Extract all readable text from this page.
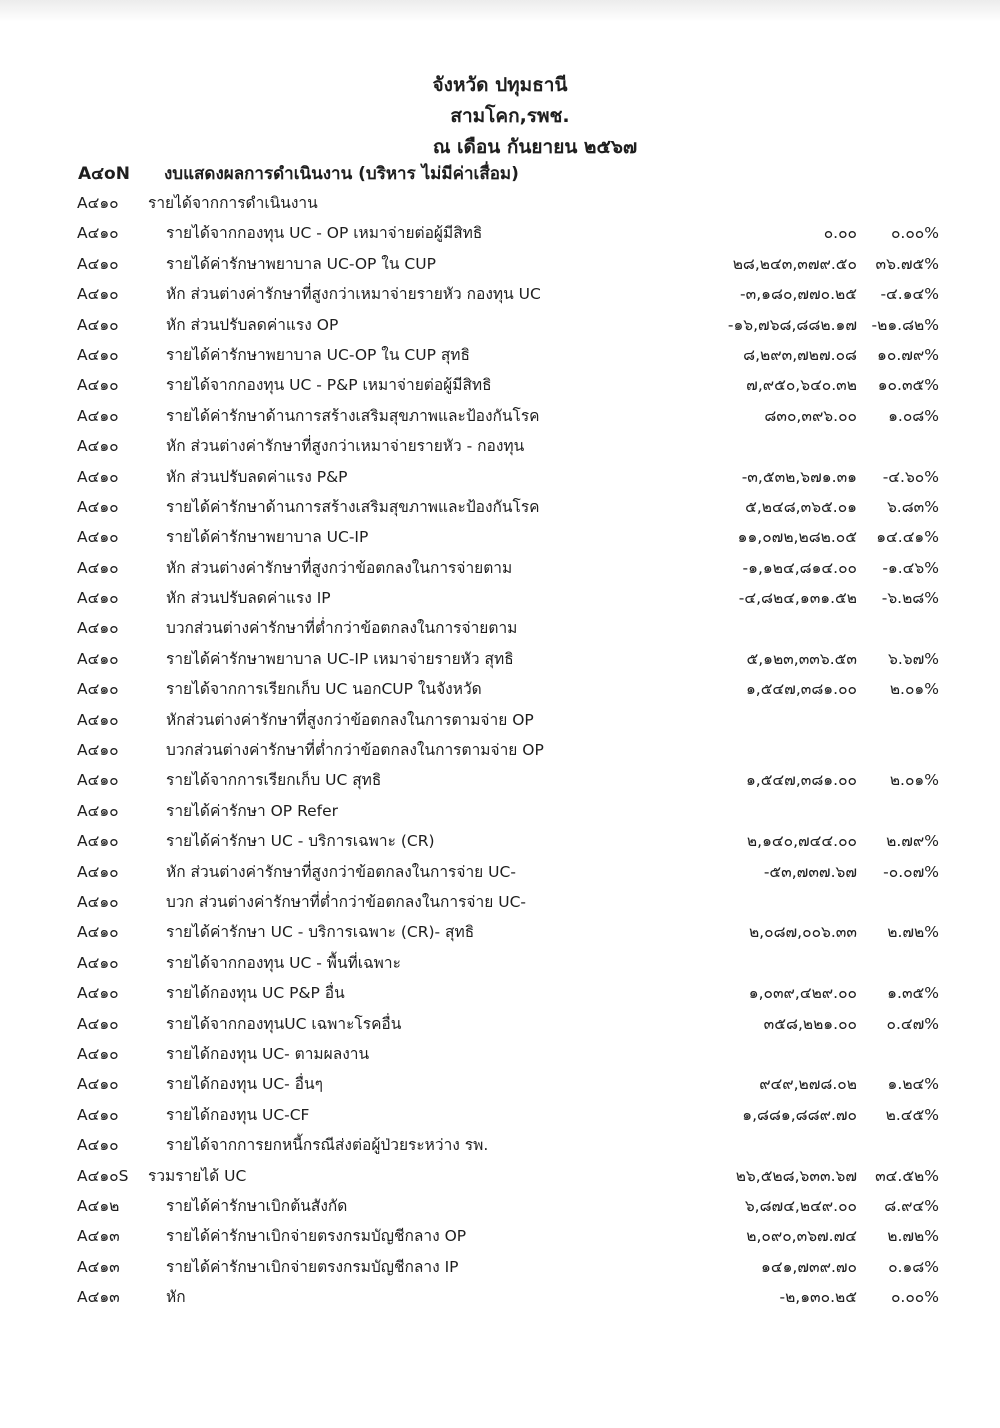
จังหวัด ปทุมธานี
สามโคก,รพช.
ณ เดือน กันยายน ๒๕๖๗
A๔oN งบแสดงผลการดำเนินงาน (บริหาร ไม่มีค่าเสื่อม)
A๔๑๐	รายได้จากการดำเนินงาน
A๔๑๐	รายได้จากกองทุน UC - OP เหมาจ่ายต่อผู้มีสิทธิ	๐.๐๐ ๐.๐๐%
A๔๑๐	รายได้ค่ารักษาพยาบาล UC-OP ใน CUP	๒๘,๒๔๓,๓๗๙.๕๐ ๓๖.๗๕%
A๔๑๐	หัก ส่วนต่างค่ารักษาที่สูงกว่าเหมาจ่ายรายหัว กองทุน UC	-๓,๑๘๐,๗๗๐.๒๕ -๔.๑๔%
A๔๑๐	หัก ส่วนปรับลดค่าแรง OP	-๑๖,๗๖๘,๘๘๒.๑๗ -๒๑.๘๒%
A๔๑๐	รายได้ค่ารักษาพยาบาล UC-OP ใน CUP สุทธิ	๘,๒๙๓,๗๒๗.๐๘ ๑๐.๗๙%
A๔๑๐	รายได้จากกองทุน UC - P&P เหมาจ่ายต่อผู้มีสิทธิ	๗,๙๕๐,๖๔๐.๓๒ ๑๐.๓๕%
A๔๑๐	รายได้ค่ารักษาด้านการสร้างเสริมสุขภาพและป้องกันโรค	๘๓๐,๓๙๖.๐๐ ๑.๐๘%
A๔๑๐	หัก ส่วนต่างค่ารักษาที่สูงกว่าเหมาจ่ายรายหัว - กองทุน
A๔๑๐	หัก ส่วนปรับลดค่าแรง P&P	-๓,๕๓๒,๖๗๑.๓๑ -๔.๖๐%
A๔๑๐	รายได้ค่ารักษาด้านการสร้างเสริมสุขภาพและป้องกันโรค	๕,๒๔๘,๓๖๕.๐๑ ๖.๘๓%
A๔๑๐	รายได้ค่ารักษาพยาบาล UC-IP	๑๑,๐๗๒,๒๘๒.๐๕ ๑๔.๔๑%
A๔๑๐	หัก ส่วนต่างค่ารักษาที่สูงกว่าข้อตกลงในการจ่ายตาม	-๑,๑๒๔,๘๑๔.๐๐ -๑.๔๖%
A๔๑๐	หัก ส่วนปรับลดค่าแรง IP	-๔,๘๒๔,๑๓๑.๕๒ -๖.๒๘%
A๔๑๐	บวกส่วนต่างค่ารักษาที่ต่ำกว่าข้อตกลงในการจ่ายตาม
A๔๑๐	รายได้ค่ารักษาพยาบาล UC-IP เหมาจ่ายรายหัว สุทธิ	๕,๑๒๓,๓๓๖.๕๓ ๖.๖๗%
A๔๑๐	รายได้จากการเรียกเก็บ UC นอกCUP ในจังหวัด	๑,๕๔๗,๓๘๑.๐๐ ๒.๐๑%
A๔๑๐	หักส่วนต่างค่ารักษาที่สูงกว่าข้อตกลงในการตามจ่าย OP
A๔๑๐	บวกส่วนต่างค่ารักษาที่ต่ำกว่าข้อตกลงในการตามจ่าย OP
A๔๑๐	รายได้จากการเรียกเก็บ UC สุทธิ	๑,๕๔๗,๓๘๑.๐๐ ๒.๐๑%
A๔๑๐	รายได้ค่ารักษา OP Refer
A๔๑๐	รายได้ค่ารักษา UC - บริการเฉพาะ (CR)	๒,๑๔๐,๗๔๔.๐๐ ๒.๗๙%
A๔๑๐	หัก ส่วนต่างค่ารักษาที่สูงกว่าข้อตกลงในการจ่าย UC-	-๕๓,๗๓๗.๖๗ -๐.๐๗%
A๔๑๐	บวก ส่วนต่างค่ารักษาที่ต่ำกว่าข้อตกลงในการจ่าย UC-
A๔๑๐	รายได้ค่ารักษา UC - บริการเฉพาะ (CR)- สุทธิ	๒,๐๘๗,๐๐๖.๓๓ ๒.๗๒%
A๔๑๐	รายได้จากกองทุน UC - พื้นที่เฉพาะ
A๔๑๐	รายได้กองทุน UC P&P อื่น	๑,๐๓๙,๔๒๙.๐๐ ๑.๓๕%
A๔๑๐	รายได้จากกองทุนUC เฉพาะโรคอื่น	๓๕๘,๒๒๑.๐๐ ๐.๔๗%
A๔๑๐	รายได้กองทุน UC- ตามผลงาน
A๔๑๐	รายได้กองทุน UC- อื่นๆ	๙๔๙,๒๗๘.๐๒ ๑.๒๔%
A๔๑๐	รายได้กองทุน UC-CF	๑,๘๘๑,๘๘๙.๗๐ ๒.๔๕%
A๔๑๐	รายได้จากการยกหนี้กรณีส่งต่อผู้ป่วยระหว่าง รพ.
A๔๑๐S	รวมรายได้ UC	๒๖,๕๒๘,๖๓๓.๖๗ ๓๔.๕๒%
A๔๑๒	รายได้ค่ารักษาเบิกต้นสังกัด	๖,๘๗๔,๒๔๙.๐๐ ๘.๙๔%
A๔๑๓	รายได้ค่ารักษาเบิกจ่ายตรงกรมบัญชีกลาง OP	๒,๐๙๐,๓๖๗.๗๔ ๒.๗๒%
A๔๑๓	รายได้ค่ารักษาเบิกจ่ายตรงกรมบัญชีกลาง IP	๑๔๑,๗๓๙.๗๐ ๐.๑๘%
A๔๑๓	หัก	-๒,๑๓๐.๒๕ ๐.๐๐%
